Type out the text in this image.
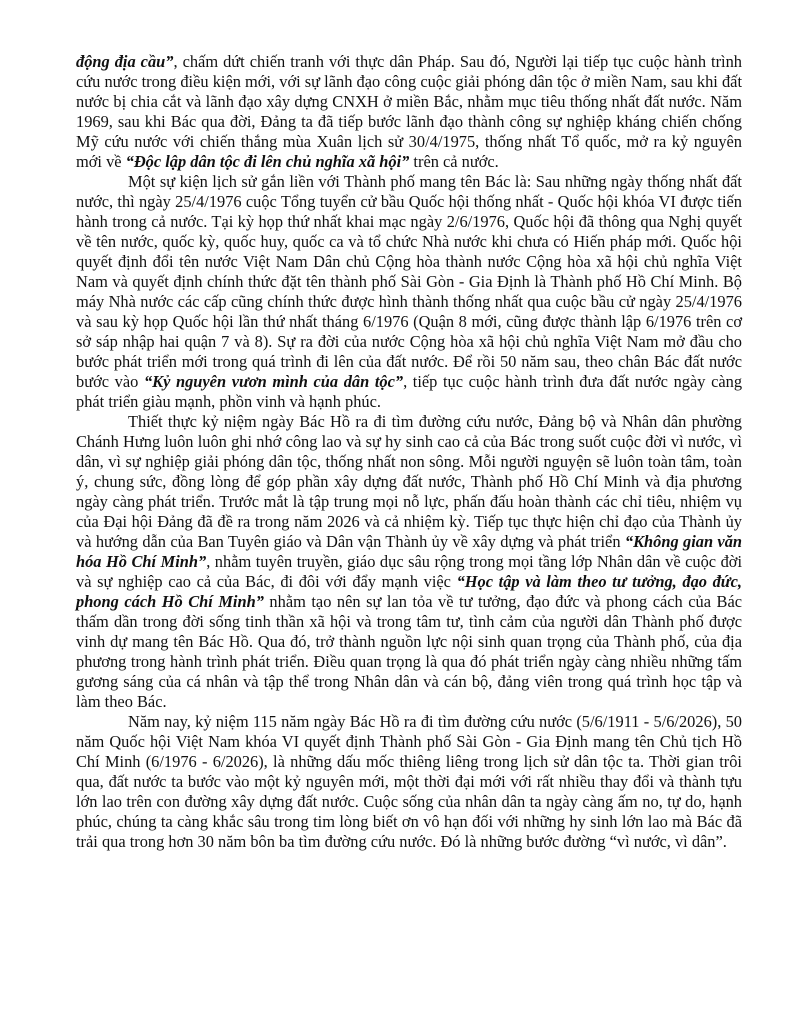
động địa cầu”, chấm dứt chiến tranh với thực dân Pháp. Sau đó, Người lại tiếp tục cuộc hành trình cứu nước trong điều kiện mới, với sự lãnh đạo công cuộc giải phóng dân tộc ở miền Nam, sau khi đất nước bị chia cắt và lãnh đạo xây dựng CNXH ở miền Bắc, nhằm mục tiêu thống nhất đất nước. Năm 1969, sau khi Bác qua đời, Đảng ta đã tiếp bước lãnh đạo thành công sự nghiệp kháng chiến chống Mỹ cứu nước với chiến thắng mùa Xuân lịch sử 30/4/1975, thống nhất Tổ quốc, mở ra kỷ nguyên mới về “Độc lập dân tộc đi lên chủ nghĩa xã hội” trên cả nước.

Một sự kiện lịch sử gắn liền với Thành phố mang tên Bác là: Sau những ngày thống nhất đất nước, thì ngày 25/4/1976 cuộc Tổng tuyển cử bầu Quốc hội thống nhất - Quốc hội khóa VI được tiến hành trong cả nước. Tại kỳ họp thứ nhất khai mạc ngày 2/6/1976, Quốc hội đã thông qua Nghị quyết về tên nước, quốc kỳ, quốc huy, quốc ca và tổ chức Nhà nước khi chưa có Hiến pháp mới. Quốc hội quyết định đổi tên nước Việt Nam Dân chủ Cộng hòa thành nước Cộng hòa xã hội chủ nghĩa Việt Nam và quyết định chính thức đặt tên thành phố Sài Gòn - Gia Định là Thành phố Hồ Chí Minh. Bộ máy Nhà nước các cấp cũng chính thức được hình thành thống nhất qua cuộc bầu cử ngày 25/4/1976 và sau kỳ họp Quốc hội lần thứ nhất tháng 6/1976 (Quận 8 mới, cũng được thành lập 6/1976 trên cơ sở sáp nhập hai quận 7 và 8). Sự ra đời của nước Cộng hòa xã hội chủ nghĩa Việt Nam mở đầu cho bước phát triển mới trong quá trình đi lên của đất nước. Để rồi 50 năm sau, theo chân Bác đất nước bước vào “Kỷ nguyên vươn mình của dân tộc”, tiếp tục cuộc hành trình đưa đất nước ngày càng phát triển giàu mạnh, phồn vinh và hạnh phúc.

Thiết thực kỷ niệm ngày Bác Hồ ra đi tìm đường cứu nước, Đảng bộ và Nhân dân phường Chánh Hưng luôn luôn ghi nhớ công lao và sự hy sinh cao cả của Bác trong suốt cuộc đời vì nước, vì dân, vì sự nghiệp giải phóng dân tộc, thống nhất non sông. Mỗi người nguyện sẽ luôn toàn tâm, toàn ý, chung sức, đồng lòng để góp phần xây dựng đất nước, Thành phố Hồ Chí Minh và địa phương ngày càng phát triển. Trước mắt là tập trung mọi nỗ lực, phấn đấu hoàn thành các chỉ tiêu, nhiệm vụ của Đại hội Đảng đã đề ra trong năm 2026 và cả nhiệm kỳ. Tiếp tục thực hiện chỉ đạo của Thành ủy và hướng dẫn của Ban Tuyên giáo và Dân vận Thành ủy về xây dựng và phát triển “Không gian văn hóa Hồ Chí Minh”, nhằm tuyên truyền, giáo dục sâu rộng trong mọi tầng lớp Nhân dân về cuộc đời và sự nghiệp cao cả của Bác, đi đôi với đẩy mạnh việc “Học tập và làm theo tư tưởng, đạo đức, phong cách Hồ Chí Minh” nhằm tạo nên sự lan tỏa về tư tưởng, đạo đức và phong cách của Bác thấm dần trong đời sống tinh thần xã hội và trong tâm tư, tình cảm của người dân Thành phố được vinh dự mang tên Bác Hồ. Qua đó, trở thành nguồn lực nội sinh quan trọng của Thành phố, của địa phương trong hành trình phát triển. Điều quan trọng là qua đó phát triển ngày càng nhiều những tấm gương sáng của cá nhân và tập thể trong Nhân dân và cán bộ, đảng viên trong quá trình học tập và làm theo Bác.

Năm nay, kỷ niệm 115 năm ngày Bác Hồ ra đi tìm đường cứu nước (5/6/1911 - 5/6/2026), 50 năm Quốc hội Việt Nam khóa VI quyết định Thành phố Sài Gòn - Gia Định mang tên Chủ tịch Hồ Chí Minh (6/1976 - 6/2026), là những dấu mốc thiêng liêng trong lịch sử dân tộc ta. Thời gian trôi qua, đất nước ta bước vào một kỷ nguyên mới, một thời đại mới với rất nhiều thay đổi và thành tựu lớn lao trên con đường xây dựng đất nước. Cuộc sống của nhân dân ta ngày càng ấm no, tự do, hạnh phúc, chúng ta càng khắc sâu trong tim lòng biết ơn vô hạn đối với những hy sinh lớn lao mà Bác đã trải qua trong hơn 30 năm bôn ba tìm đường cứu nước. Đó là những bước đường “vì nước, vì dân”.
